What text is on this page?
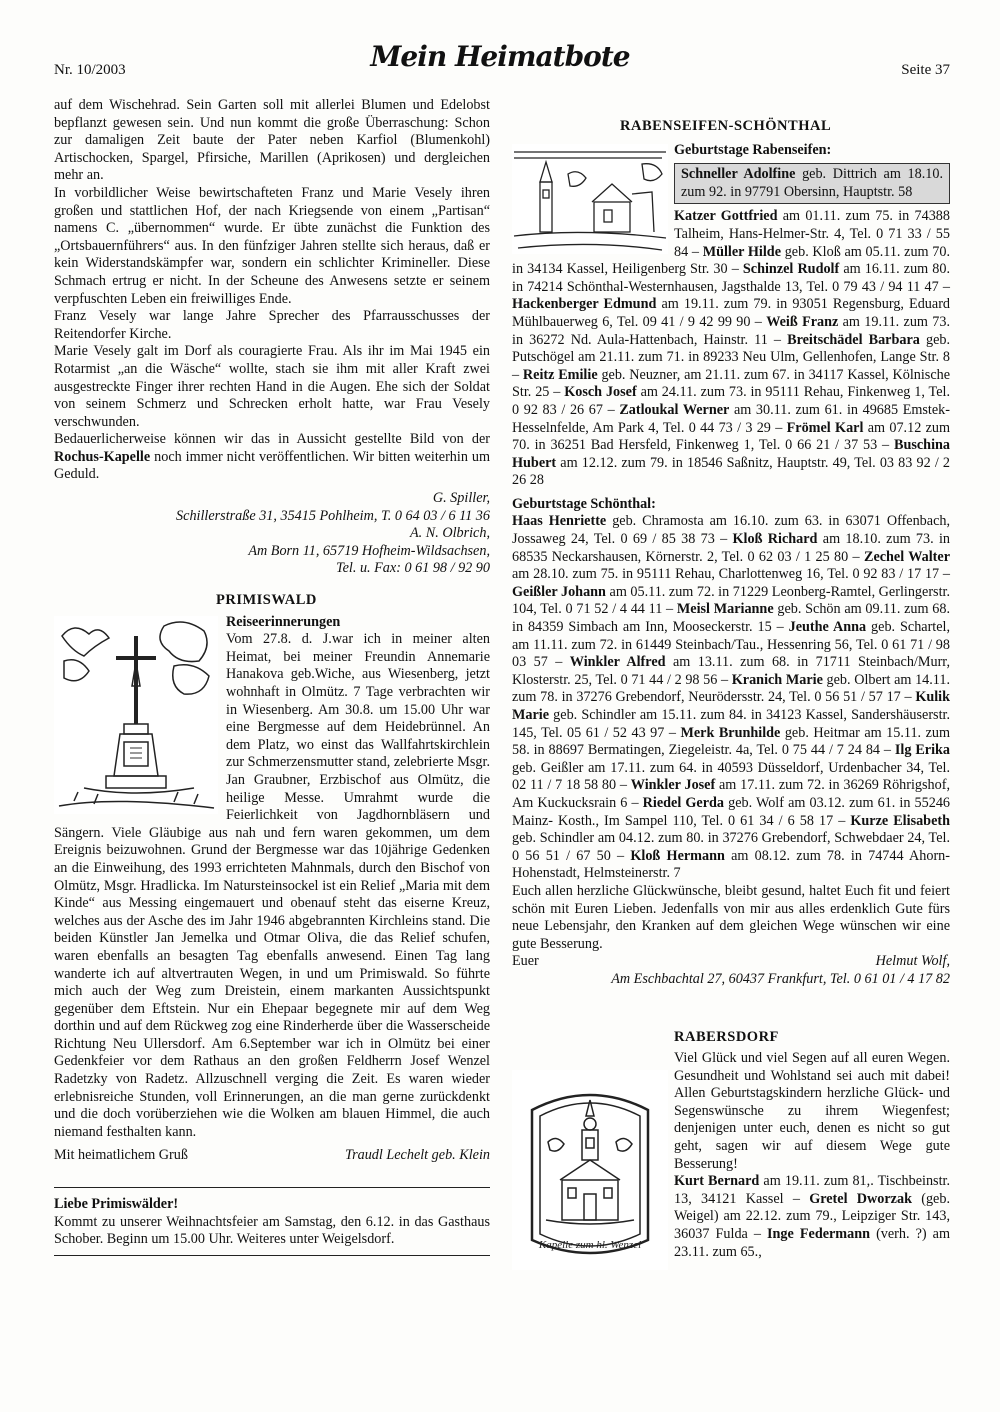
Nr. 10/2003	Mein Heimatbote	Seite 37

auf dem Wischehrad. Sein Garten soll mit allerlei Blumen und Edelobst bepflanzt gewesen sein. Und nun kommt die große Überraschung: Schon zur damaligen Zeit baute der Pater neben Karfiol (Blumenkohl) Artischocken, Spargel, Pfirsiche, Marillen (Aprikosen) und dergleichen mehr an.

In vorbildlicher Weise bewirtschafteten Franz und Marie Vesely ihren großen und stattlichen Hof, der nach Kriegsende von einem „Partisan“ namens C. „übernommen“ wurde. Er übte zunächst die Funktion des „Ortsbauernführers“ aus. In den fünfziger Jahren stellte sich heraus, daß er kein Widerstandskämpfer war, sondern ein schlichter Krimineller. Diese Schmach ertrug er nicht. In der Scheune des Anwesens setzte er seinem verpfuschten Leben ein freiwilliges Ende.

Franz Vesely war lange Jahre Sprecher des Pfarrausschusses der Reitendorfer Kirche.

Marie Vesely galt im Dorf als couragierte Frau. Als ihr im Mai 1945 ein Rotarmist „an die Wäsche“ wollte, stach sie ihm mit aller Kraft zwei ausgestreckte Finger ihrer rechten Hand in die Augen. Ehe sich der Soldat von seinem Schmerz und Schrecken erholt hatte, war Frau Vesely verschwunden.

Bedauerlicherweise können wir das in Aussicht gestellte Bild von der Rochus-Kapelle noch immer nicht veröffentlichen. Wir bitten weiterhin um Geduld.

G. Spiller,
Schillerstraße 31, 35415 Pohlheim, T. 0 64 03 / 6 11 36
A. N. Olbrich,
Am Born 11, 65719 Hofheim-Wildsachsen,
Tel. u. Fax: 0 61 98 / 92 90
PRIMISWALD
Reiseerinnerungen

Vom 27.8. d. J.war ich in meiner alten Heimat, bei meiner Freundin Annemarie Hanakova geb.Wiche, aus Wiesenberg, jetzt wohnhaft in Olmütz. 7 Tage verbrachten wir in Wiesenberg. Am 30.8. um 15.00 Uhr war eine Bergmesse auf dem Heidebrünnel. An dem Platz, wo einst das Wallfahrtskirchlein zur Schmerzensmutter stand, zelebrierte Msgr. Jan Graubner, Erzbischof aus Olmütz, die heilige Messe. Umrahmt wurde die Feierlichkeit von Jagdhornbläsern und Sängern. Viele Gläubige aus nah und fern waren gekommen, um dem Ereignis beizuwohnen. Grund der Bergmesse war das 10jährige Gedenken an die Einweihung, des 1993 errichteten Mahnmals, durch den Bischof von Olmütz, Msgr. Hradlicka. Im Natursteinsockel ist ein Relief „Maria mit dem Kinde“ aus Messing eingemauert und obenauf steht das eiserne Kreuz, welches aus der Asche des im Jahr 1946 abgebrannten Kirchleins stand. Die beiden Künstler Jan Jemelka und Otmar Oliva, die das Relief schufen, waren ebenfalls an besagten Tag ebenfalls anwesend. Einen Tag lang wanderte ich auf altvertrauten Wegen, in und um Primiswald. So führte mich auch der Weg zum Dreistein, einem markanten Aussichtspunkt gegenüber dem Eftstein. Nur ein Ehepaar begegnete mir auf dem Weg dorthin und auf dem Rückweg zog eine Rinderherde über die Wasserscheide Richtung Neu Ullersdorf. Am 6.September war ich in Olmütz bei einer Gedenkfeier vor dem Rathaus an den großen Feldherrn Josef Wenzel Radetzky von Radetz. Allzuschnell verging die Zeit. Es waren wieder erlebnisreiche Stunden, voll Erinnerungen, an die man gerne zurückdenkt und die doch vorüberziehen wie die Wolken am blauen Himmel, die auch niemand festhalten kann.

Mit heimatlichem Gruß	Traudl Lechelt geb. Klein
Liebe Primiswälder!

Kommt zu unserer Weihnachtsfeier am Samstag, den 6.12. in das Gasthaus Schober. Beginn um 15.00 Uhr. Weiteres unter Weigelsdorf.

RABENSEIFEN-SCHÖNTHAL
Geburtstage Rabenseifen:
Schneller Adolfine geb. Dittrich am 18.10. zum 92. in 97791 Obersinn, Hauptstr. 58

Katzer Gottfried am 01.11. zum 75. in 74388 Talheim, Hans-Helmer-Str. 4, Tel. 0 71 33 / 55 84 – Müller Hilde geb. Kloß am 05.11. zum 70. in 34134 Kassel, Heiligenberg Str. 30 – Schinzel Rudolf am 16.11. zum 80. in 74214 Schönthal-Westernhausen, Jagsthalde 13, Tel. 0 79 43 / 94 11 47 – Hackenberger Edmund am 19.11. zum 79. in 93051 Regensburg, Eduard Mühlbauerweg 6, Tel. 09 41 / 9 42 99 90 – Weiß Franz am 19.11. zum 73. in 36272 Nd. Aula-Hattenbach, Hainstr. 11 – Breitschädel Barbara geb. Putschögel am 21.11. zum 71. in 89233 Neu Ulm, Gellenhofen, Lange Str. 8 – Reitz Emilie geb. Neuzner, am 21.11. zum 67. in 34117 Kassel, Kölnische Str. 25 – Kosch Josef am 24.11. zum 73. in 95111 Rehau, Finkenweg 1, Tel. 0 92 83 / 26 67 – Zatloukal Werner am 30.11. zum 61. in 49685 Emstek-Hesselnfelde, Am Park 4, Tel. 0 44 73 / 3 29 – Frömel Karl am 07.12 zum 70. in 36251 Bad Hersfeld, Finkenweg 1, Tel. 0 66 21 / 37 53 – Buschina Hubert am 12.12. zum 79. in 18546 Saßnitz, Hauptstr. 49, Tel. 03 83 92 / 2 26 28

Geburtstage Schönthal:

Haas Henriette geb. Chramosta am 16.10. zum 63. in 63071 Offenbach, Jossaweg 24, Tel. 0 69 / 85 38 73 – Kloß Richard am 18.10. zum 73. in 68535 Neckarshausen, Körnerstr. 2, Tel. 0 62 03 / 1 25 80 – Zechel Walter am 28.10. zum 75. in 95111 Rehau, Charlottenweg 16, Tel. 0 92 83 / 17 17 – Geißler Johann am 05.11. zum 72. in 71229 Leonberg-Ramtel, Gerlingerstr. 104, Tel. 0 71 52 / 4 44 11 – Meisl Marianne geb. Schön am 09.11. zum 68. in 84359 Simbach am Inn, Mooseckerstr. 15 – Jeuthe Anna geb. Schartel, am 11.11. zum 72. in 61449 Steinbach/Tau., Hessenring 56, Tel. 0 61 71 / 98 03 57 – Winkler Alfred am 13.11. zum 68. in 71711 Steinbach/Murr, Klosterstr. 25, Tel. 0 71 44 / 2 98 56 – Kranich Marie geb. Olbert am 14.11. zum 78. in 37276 Grebendorf, Neurödersstr. 24, Tel. 0 56 51 / 57 17 – Kulik Marie geb. Schindler am 15.11. zum 84. in 34123 Kassel, Sandershäuserstr. 145, Tel. 05 61 / 52 43 97 – Merk Brunhilde geb. Heitmar am 15.11. zum 58. in 88697 Bermatingen, Ziegeleistr. 4a, Tel. 0 75 44 / 7 24 84 – Ilg Erika geb. Geißler am 17.11. zum 64. in 40593 Düsseldorf, Urdenbacher 34, Tel. 02 11 / 7 18 58 80 – Winkler Josef am 17.11. zum 72. in 36269 Röhrigshof, Am Kuckucksrain 6 – Riedel Gerda geb. Wolf am 03.12. zum 61. in 55246 Mainz- Kosth., Im Sampel 110, Tel. 0 61 34 / 6 58 17 – Kurze Elisabeth geb. Schindler am 04.12. zum 80. in 37276 Grebendorf, Schwebdaer 24, Tel. 0 56 51 / 67 50 – Kloß Hermann am 08.12. zum 78. in 74744 Ahorn-Hohenstadt, Helmsteinerstr. 7

Euch allen herzliche Glückwünsche, bleibt gesund, haltet Euch fit und feiert schön mit Euren Lieben. Jedenfalls von mir aus alles erdenklich Gute fürs neue Lebensjahr, den Kranken auf dem gleichen Wege wünschen wir eine gute Besserung.

Euer	Helmut Wolf,
Am Eschbachtal 27, 60437 Frankfurt, Tel. 0 61 01 / 4 17 82
RABERSDORF
Kapelle zum hl. Wenzel

Viel Glück und viel Segen auf all euren Wegen. Gesundheit und Wohlstand sei auch mit dabei! Allen Geburtstagskindern herzliche Glück- und Segenswünsche zu ihrem Wiegenfest; denjenigen unter euch, denen es nicht so gut geht, sagen wir auf diesem Wege gute Besserung!

Kurt Bernard am 19.11. zum 81,. Tischbeinstr. 13, 34121 Kassel – Gretel Dworzak (geb. Weigel) am 22.12. zum 79., Leipziger Str. 143, 36037 Fulda – Inge Federmann (verh. ?) am 23.11. zum 65.,
